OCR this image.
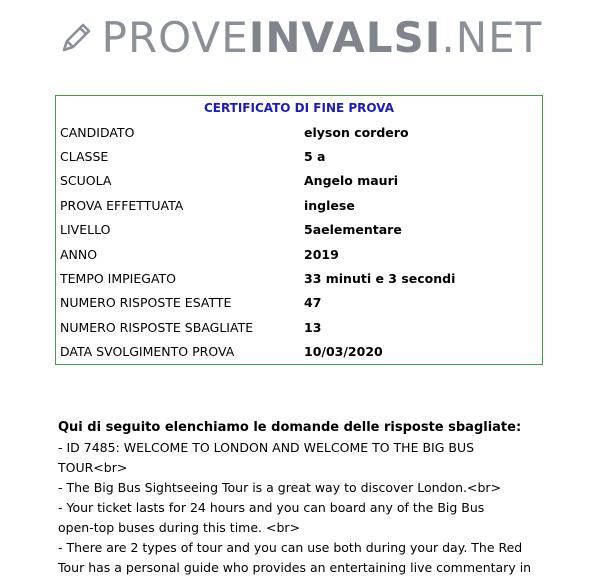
PROVEINVALSI.NET
CERTIFICATO DI FINE PROVA
CANDIDATO	elyson cordero
CLASSE	5 a
SCUOLA	Angelo mauri
PROVA EFFETTUATA	inglese
LIVELLO	5aelementare
ANNO	2019
TEMPO IMPIEGATO	33 minuti e 3 secondi
NUMERO RISPOSTE ESATTE	47
NUMERO RISPOSTE SBAGLIATE	13
DATA SVOLGIMENTO PROVA	10/03/2020

Qui di seguito elenchiamo le domande delle risposte sbagliate:

- ID 7485: WELCOME TO LONDON AND WELCOME TO THE BIG BUS

TOUR<br>

- The Big Bus Sightseeing Tour is a great way to discover London.<br>

- Your ticket lasts for 24 hours and you can board any of the Big Bus

open-top buses during this time. <br>

- There are 2 types of tour and you can use both during your day. The Red

Tour has a personal guide who provides an entertaining live commentary in
